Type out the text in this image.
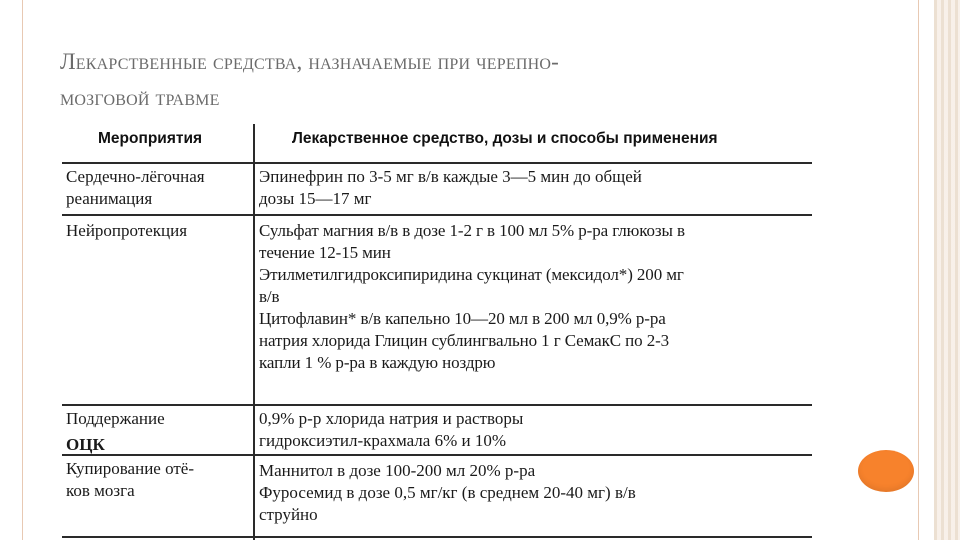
Лекарственные средства, назначаемые при черепно-
мозговой травме
Мероприятия	Лекарственное средство, дозы и способы применения
Сердечно-лёгочная
реанимация
Эпинефрин по 3-5 мг в/в каждые 3—5 мин до общей
дозы 15—17 мг
Нейропротекция	Сульфат магния в/в в дозе 1-2 г в 100 мл 5% р-ра глюкозы в
течение 12-15 мин
Этилметилгидроксипиридина сукцинат (мексидол*) 200 мг
в/в
Цитофлавин* в/в капельно 10—20 мл в 200 мл 0,9% р-ра
натрия хлорида Глицин сублингвально 1 г СемакС по 2-3
капли 1 % р-ра в каждую ноздрю
Поддержание
ОЦК
0,9% р-р хлорида натрия и растворы
гидроксиэтил-крахмала 6% и 10%
Купирование отё-
ков мозга
Маннитол в дозе 100-200 мл 20% р-ра
Фуросемид в дозе 0,5 мг/кг (в среднем 20-40 мг) в/в
струйно
